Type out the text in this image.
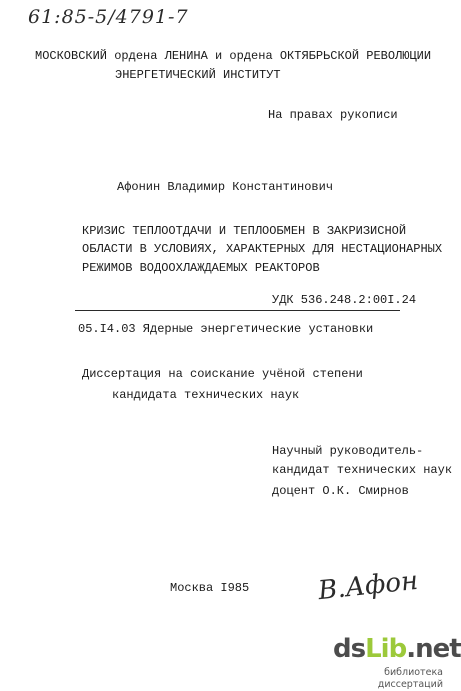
61:85-5/4791-7
МОСКОВСКИЙ ордена ЛЕНИНА и ордена ОКТЯБРЬСКОЙ РЕВОЛЮЦИИ
ЭНЕРГЕТИЧЕСКИЙ ИНСТИТУТ
На правах рукописи
Афонин Владимир Константинович
КРИЗИС ТЕПЛООТДАЧИ И ТЕПЛООБМЕН В ЗАКРИЗИСНОЙ
ОБЛАСТИ В УСЛОВИЯХ, ХАРАКТЕРНЫХ ДЛЯ НЕСТАЦИОНАРНЫХ
РЕЖИМОВ ВОДООХЛАЖДАЕМЫХ РЕАКТОРОВ
УДК 536.248.2:00I.24
05.I4.03 Ядерные энергетические установки
Диссертация на соискание учёной степени
кандидата технических наук
Научный руководитель-
кандидат технических наук
доцент О.К. Смирнов
Москва I985	В.Афон
dsLib.net
библиотека диссертаций
